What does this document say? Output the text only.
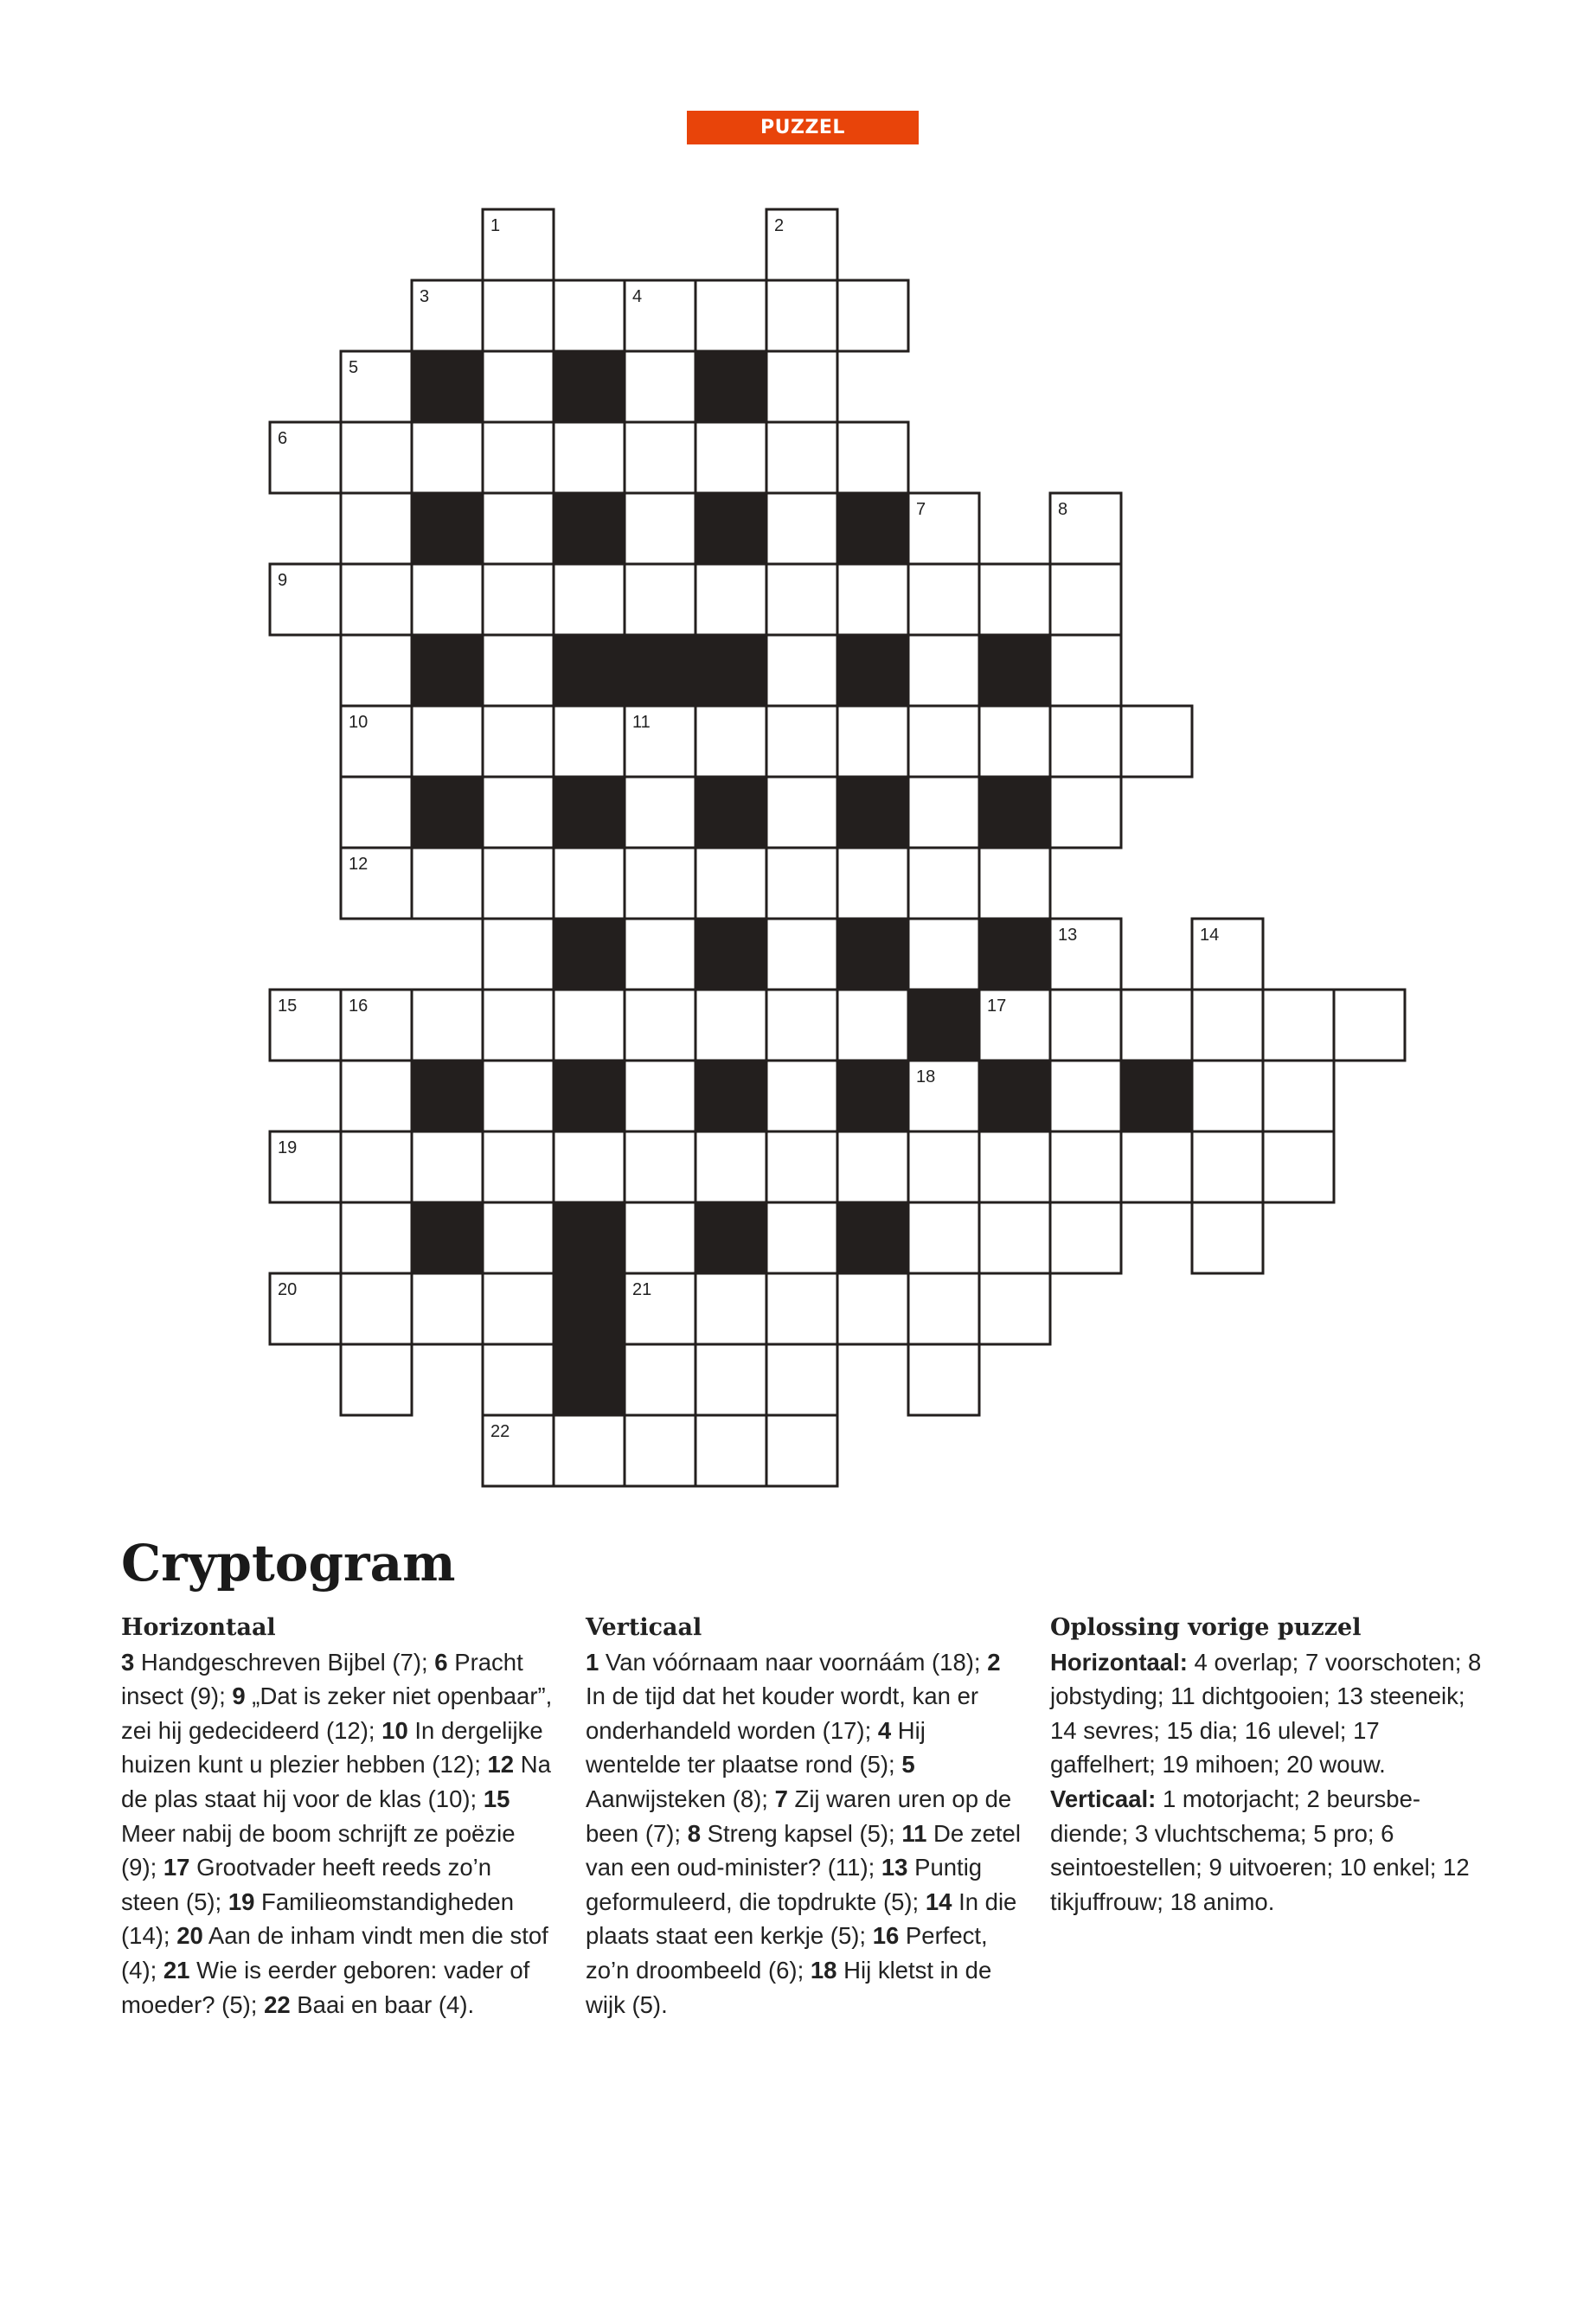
PUZZEL
1	2
3	4
5
6
7	8
9
10	11
12
13	14
15	16	17
18
19
20	21
22
Cryptogram
Horizontaal
3 Handgeschreven Bijbel (7); 6 Pracht insect (9); 9 „Dat is zeker niet openbaar”, zei hij gedecideerd (12); 10 In dergelijke huizen kunt u plezier hebben (12); 12 Na de plas staat hij voor de klas (10); 15 Meer nabij de boom schrijft ze poëzie (9); 17 Grootvader heeft reeds zo’n steen (5); 19 Familieomstandigheden (14); 20 Aan de inham vindt men die stof (4); 21 Wie is eerder geboren: vader of moeder? (5); 22 Baai en baar (4).
Verticaal
1 Van vóórnaam naar voornáám (18); 2 In de tijd dat het kouder wordt, kan er onderhandeld worden (17); 4 Hij wentelde ter plaatse rond (5); 5 Aanwijsteken (8); 7 Zij waren uren op de been (7); 8 Streng kapsel (5); 11 De zetel van een oud-minister? (11); 13 Puntig geformuleerd, die topdrukte (5); 14 In die plaats staat een kerkje (5); 16 Perfect, zo’n droombeeld (6); 18 Hij kletst in de wijk (5).
Oplossing vorige puzzel
Horizontaal: 4 overlap; 7 voorschoten; 8 jobstyding; 11 dichtgooien; 13 steeneik; 14 sevres; 15 dia; 16 ulevel; 17 gaffelhert; 19 mihoen; 20 wouw.
Verticaal: 1 motorjacht; 2 beursbediende; 3 vluchtschema; 5 pro; 6 seintoestellen; 9 uitvoeren; 10 enkel; 12 tikjuffrouw; 18 animo.
